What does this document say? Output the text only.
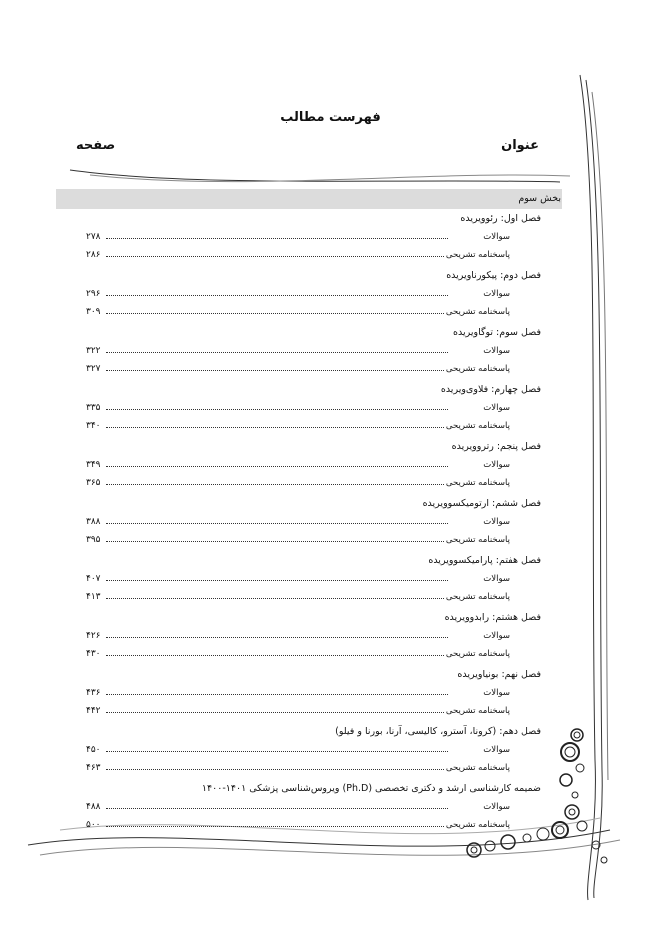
فهرست مطالب
عنوان
صفحه
بخش سوم
فصل اول: رئوویریده
۲۷۸	سوالات
۲۸۶	پاسخنامه تشریحی
فصل دوم: پیکورناویریده
۲۹۶	سوالات
۳۰۹	پاسخنامه تشریحی
فصل سوم: توگاویریده
۳۲۲	سوالات
۳۲۷	پاسخنامه تشریحی
فصل چهارم: فلاوی‌ویریده
۳۳۵	سوالات
۳۴۰	پاسخنامه تشریحی
فصل پنجم: رتروویریده
۳۴۹	سوالات
۳۶۵	پاسخنامه تشریحی
فصل ششم: ارتومیکسوویریده
۳۸۸	سوالات
۳۹۵	پاسخنامه تشریحی
فصل هفتم: پارامیکسوویریده
۴۰۷	سوالات
۴۱۳	پاسخنامه تشریحی
فصل هشتم: رابدوویریده
۴۲۶	سوالات
۴۳۰	پاسخنامه تشریحی
فصل نهم: بونیاویریده
۴۳۶	سوالات
۴۴۲	پاسخنامه تشریحی
فصل دهم: (کرونا، آسترو، کالیسی، آرنا، بورنا و فیلو)
۴۵۰	سوالات
۴۶۳	پاسخنامه تشریحی
ضمیمه کارشناسی ارشد و دکتری تخصصی (Ph.D) ویروس‌شناسی پزشکی ۱۴۰۱-۱۴۰۰
۴۸۸	سوالات
۵۰۰	پاسخنامه تشریحی
